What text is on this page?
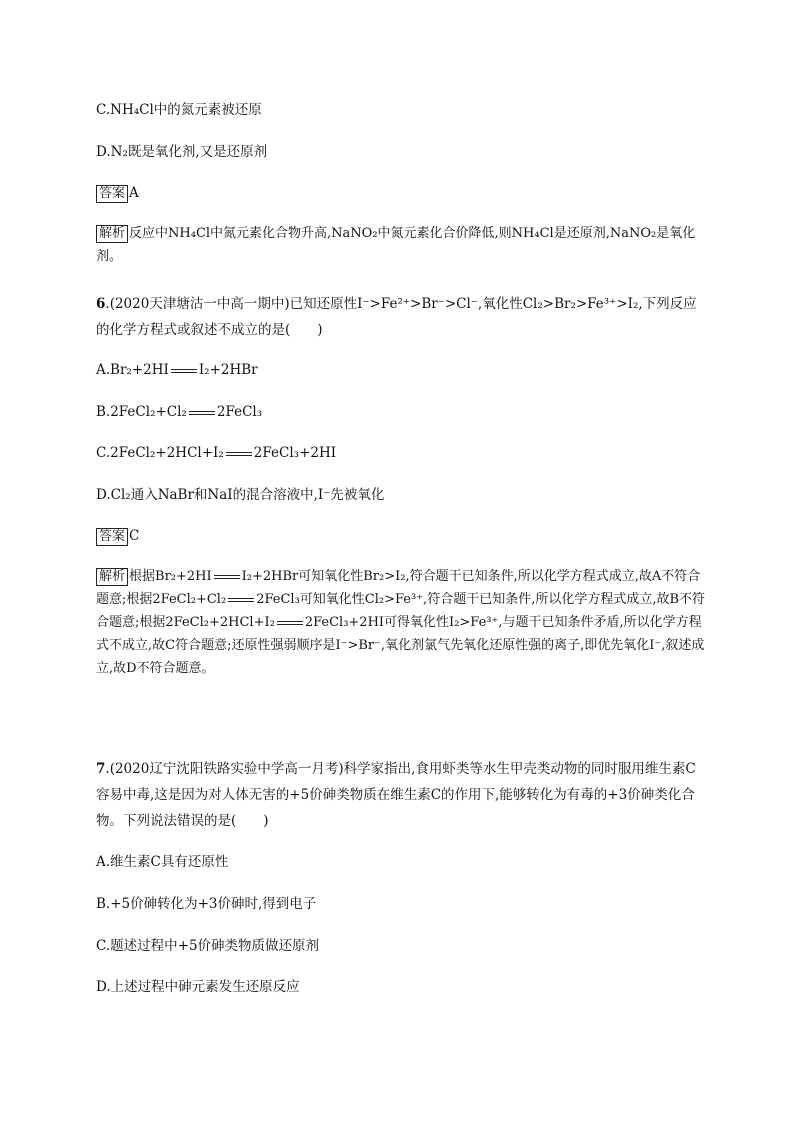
C.NH₄Cl中的氮元素被还原
D.N₂既是氧化剂,又是还原剂
答案 A
解析 反应中NH₄Cl中氮元素化合物升高,NaNO₂中氮元素化合价降低,则NH₄Cl是还原剂,NaNO₂是氧化剂。
6.(2020天津塘沽一中高一期中)已知还原性I⁻>Fe²⁺>Br⁻>Cl⁻,氧化性Cl₂>Br₂>Fe³⁺>I₂,下列反应的化学方程式或叙述不成立的是(　　)
A.Br₂+2HI I₂+2HBr
B.2FeCl₂+Cl₂ 2FeCl₃
C.2FeCl₂+2HCl+I₂ 2FeCl₃+2HI
D.Cl₂通入NaBr和NaI的混合溶液中,I⁻先被氧化
答案 C
解析 根据Br₂+2HI I₂+2HBr可知氧化性Br₂>I₂,符合题干已知条件,所以化学方程式成立,故A不符合题意;根据2FeCl₂+Cl₂ 2FeCl₃可知氧化性Cl₂>Fe³⁺,符合题干已知条件,所以化学方程式成立,故B不符合题意;根据2FeCl₂+2HCl+I₂ 2FeCl₃+2HI可得氧化性I₂>Fe³⁺,与题干已知条件矛盾,所以化学方程式不成立,故C符合题意;还原性强弱顺序是I⁻>Br⁻,氧化剂氯气先氧化还原性强的离子,即优先氧化I⁻,叙述成立,故D不符合题意。
7.(2020辽宁沈阳铁路实验中学高一月考)科学家指出,食用虾类等水生甲壳类动物的同时服用维生素C容易中毒,这是因为对人体无害的+5价砷类物质在维生素C的作用下,能够转化为有毒的+3价砷类化合物。下列说法错误的是(　　)
A.维生素C具有还原性
B.+5价砷转化为+3价砷时,得到电子
C.题述过程中+5价砷类物质做还原剂
D.上述过程中砷元素发生还原反应
